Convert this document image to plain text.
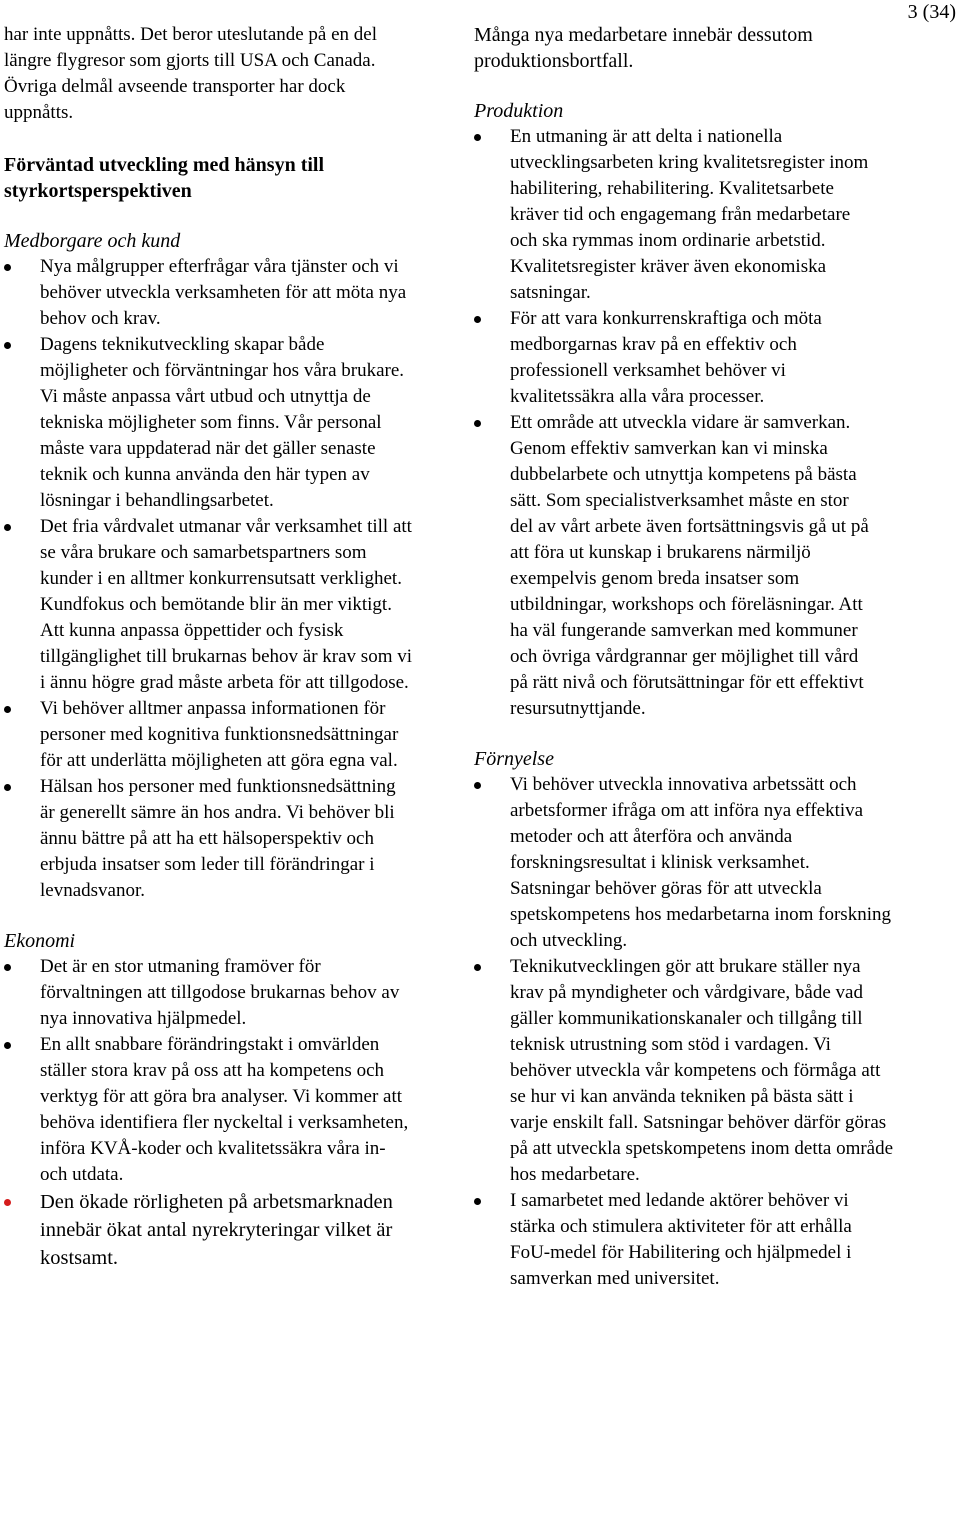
3 (34)

har inte uppnåtts. Det beror uteslutande på en del längre flygresor som gjorts till USA och Canada. Övriga delmål avseende transporter har dock uppnåtts.

Förväntad utveckling med hänsyn till styrkortsperspektiven

Medborgare och kund

Nya målgrupper efterfrågar våra tjänster och vi behöver utveckla verksamheten för att möta nya behov och krav.
Dagens teknikutveckling skapar både möjligheter och förväntningar hos våra brukare. Vi måste anpassa vårt utbud och utnyttja de tekniska möjligheter som finns. Vår personal måste vara uppdaterad när det gäller senaste teknik och kunna använda den här typen av lösningar i behandlingsarbetet.
Det fria vårdvalet utmanar vår verksamhet till att se våra brukare och samarbetspartners som kunder i en alltmer konkurrensutsatt verklighet. Kundfokus och bemötande blir än mer viktigt. Att kunna anpassa öppettider och fysisk tillgänglighet till brukarnas behov är krav som vi i ännu högre grad måste arbeta för att tillgodose.
Vi behöver alltmer anpassa informationen för personer med kognitiva funktionsnedsättningar för att underlätta möjligheten att göra egna val.
Hälsan hos personer med funktionsnedsättning är generellt sämre än hos andra. Vi behöver bli ännu bättre på att ha ett hälsoperspektiv och erbjuda insatser som leder till förändringar i levnadsvanor.

Ekonomi

Det är en stor utmaning framöver för förvaltningen att tillgodose brukarnas behov av nya innovativa hjälpmedel.
En allt snabbare förändringstakt i omvärlden ställer stora krav på oss att ha kompetens och verktyg för att göra bra analyser. Vi kommer att behöva identifiera fler nyckeltal i verksamheten, införa KVÅ-koder och kvalitetssäkra våra in- och utdata.
Den ökade rörligheten på arbetsmarknaden innebär ökat antal nyrekryteringar vilket är kostsamt.

Många nya medarbetare innebär dessutom produktionsbortfall.

Produktion

En utmaning är att delta i nationella utvecklingsarbeten kring kvalitetsregister inom habilitering, rehabilitering. Kvalitetsarbete kräver tid och engagemang från medarbetare och ska rymmas inom ordinarie arbetstid. Kvalitetsregister kräver även ekonomiska satsningar.
För att vara konkurrenskraftiga och möta medborgarnas krav på en effektiv och professionell verksamhet behöver vi kvalitetssäkra alla våra processer.
Ett område att utveckla vidare är samverkan. Genom effektiv samverkan kan vi minska dubbelarbete och utnyttja kompetens på bästa sätt. Som specialistverksamhet måste en stor del av vårt arbete även fortsättningsvis gå ut på att föra ut kunskap i brukarens närmiljö exempelvis genom breda insatser som utbildningar, workshops och föreläsningar. Att ha väl fungerande samverkan med kommuner och övriga vårdgrannar ger möjlighet till vård på rätt nivå och förutsättningar för ett effektivt resursutnyttjande.

Förnyelse

Vi behöver utveckla innovativa arbetssätt och arbetsformer ifråga om att införa nya effektiva metoder och att återföra och använda forskningsresultat i klinisk verksamhet. Satsningar behöver göras för att utveckla spetskompetens hos medarbetarna inom forskning och utveckling.
Teknikutvecklingen gör att brukare ställer nya krav på myndigheter och vårdgivare, både vad gäller kommunikationskanaler och tillgång till teknisk utrustning som stöd i vardagen. Vi behöver utveckla vår kompetens och förmåga att se hur vi kan använda tekniken på bästa sätt i varje enskilt fall. Satsningar behöver därför göras på att utveckla spetskompetens inom detta område hos medarbetare.
I samarbetet med ledande aktörer behöver vi stärka och stimulera aktiviteter för att erhålla FoU-medel för Habilitering och hjälpmedel i samverkan med universitet.
